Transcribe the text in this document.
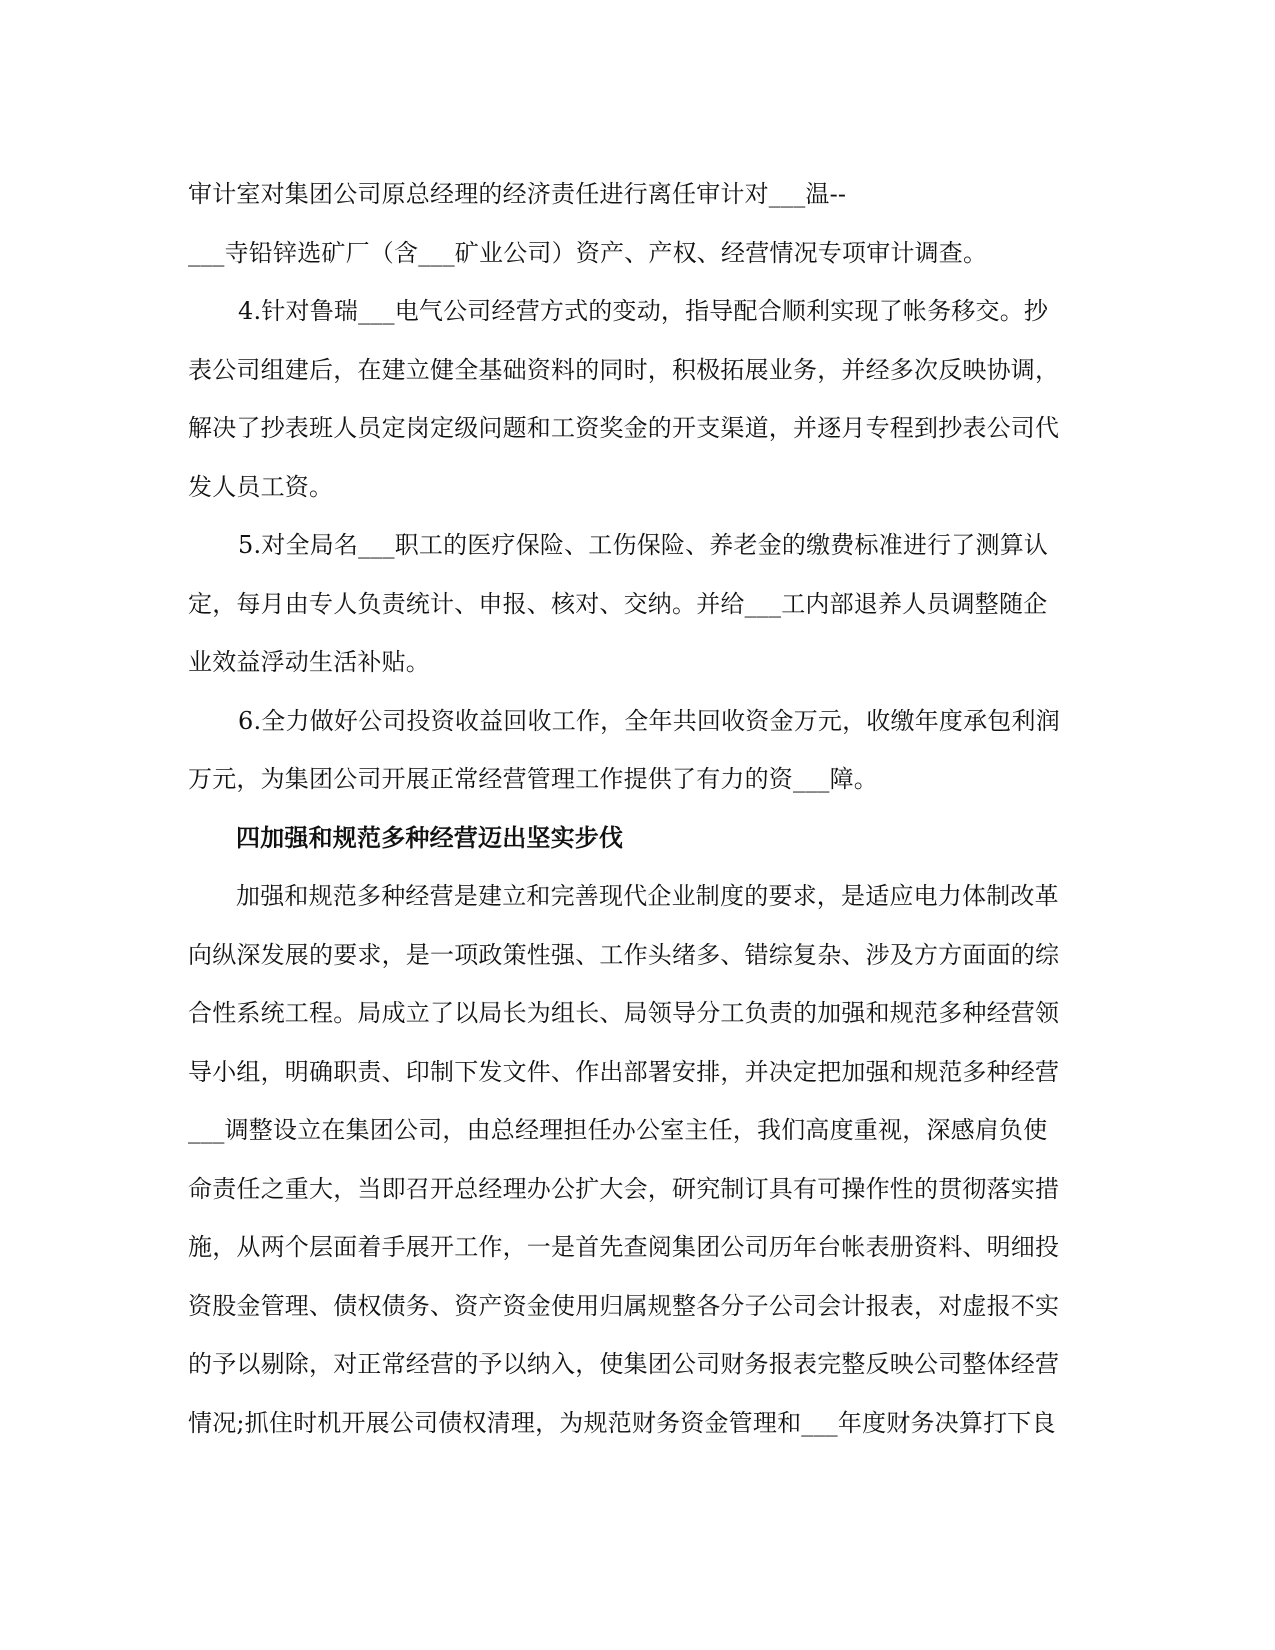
审计室对集团公司原总经理的经济责任进行离任审计对___温--
___寺铅锌选矿厂（含___矿业公司）资产、产权、经营情况专项审计调查。
4.针对鲁瑞___电气公司经营方式的变动，指导配合顺利实现了帐务移交。抄
表公司组建后，在建立健全基础资料的同时，积极拓展业务，并经多次反映协调，
解决了抄表班人员定岗定级问题和工资奖金的开支渠道，并逐月专程到抄表公司代
发人员工资。
5.对全局名___职工的医疗保险、工伤保险、养老金的缴费标准进行了测算认
定，每月由专人负责统计、申报、核对、交纳。并给___工内部退养人员调整随企
业效益浮动生活补贴。
6.全力做好公司投资收益回收工作，全年共回收资金万元，收缴年度承包利润
万元，为集团公司开展正常经营管理工作提供了有力的资___障。
四加强和规范多种经营迈出坚实步伐
加强和规范多种经营是建立和完善现代企业制度的要求，是适应电力体制改革
向纵深发展的要求，是一项政策性强、工作头绪多、错综复杂、涉及方方面面的综
合性系统工程。局成立了以局长为组长、局领导分工负责的加强和规范多种经营领
导小组，明确职责、印制下发文件、作出部署安排，并决定把加强和规范多种经营
___调整设立在集团公司，由总经理担任办公室主任，我们高度重视，深感肩负使
命责任之重大，当即召开总经理办公扩大会，研究制订具有可操作性的贯彻落实措
施，从两个层面着手展开工作，一是首先查阅集团公司历年台帐表册资料、明细投
资股金管理、债权债务、资产资金使用归属规整各分子公司会计报表，对虚报不实
的予以剔除，对正常经营的予以纳入，使集团公司财务报表完整反映公司整体经营
情况;抓住时机开展公司债权清理，为规范财务资金管理和___年度财务决算打下良
